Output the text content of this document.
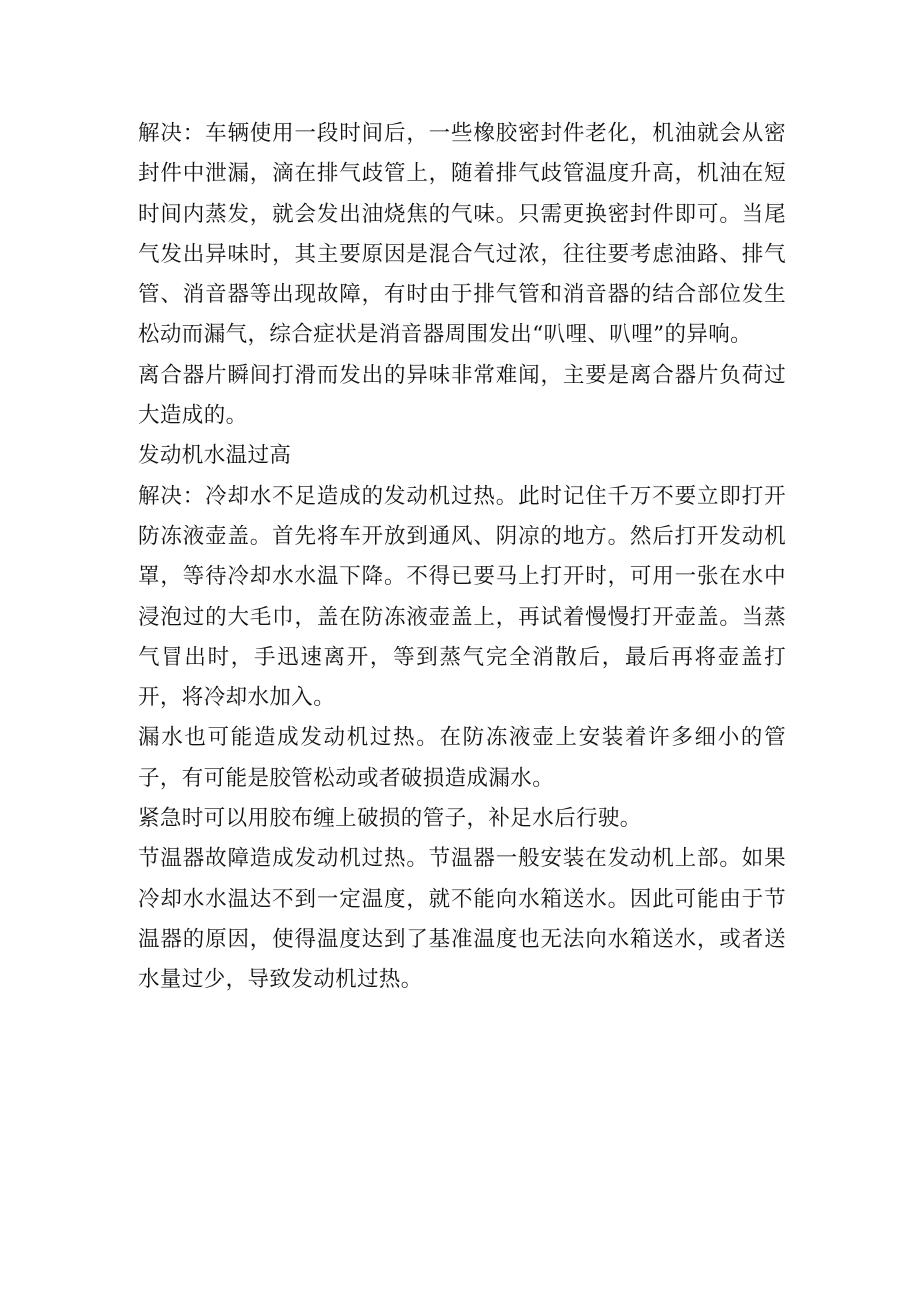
解决：车辆使用一段时间后，一些橡胶密封件老化，机油就会从密封件中泄漏，滴在排气歧管上，随着排气歧管温度升高，机油在短时间内蒸发，就会发出油烧焦的气味。只需更换密封件即可。当尾气发出异味时，其主要原因是混合气过浓，往往要考虑油路、排气管、消音器等出现故障，有时由于排气管和消音器的结合部位发生松动而漏气，综合症状是消音器周围发出“叭哩、叭哩”的异响。

离合器片瞬间打滑而发出的异味非常难闻，主要是离合器片负荷过大造成的。

发动机水温过高

解决：冷却水不足造成的发动机过热。此时记住千万不要立即打开防冻液壶盖。首先将车开放到通风、阴凉的地方。然后打开发动机罩，等待冷却水水温下降。不得已要马上打开时，可用一张在水中浸泡过的大毛巾，盖在防冻液壶盖上，再试着慢慢打开壶盖。当蒸气冒出时，手迅速离开，等到蒸气完全消散后，最后再将壶盖打开，将冷却水加入。

漏水也可能造成发动机过热。在防冻液壶上安装着许多细小的管子，有可能是胶管松动或者破损造成漏水。

紧急时可以用胶布缠上破损的管子，补足水后行驶。

节温器故障造成发动机过热。节温器一般安装在发动机上部。如果冷却水水温达不到一定温度，就不能向水箱送水。因此可能由于节温器的原因，使得温度达到了基准温度也无法向水箱送水，或者送水量过少，导致发动机过热。
